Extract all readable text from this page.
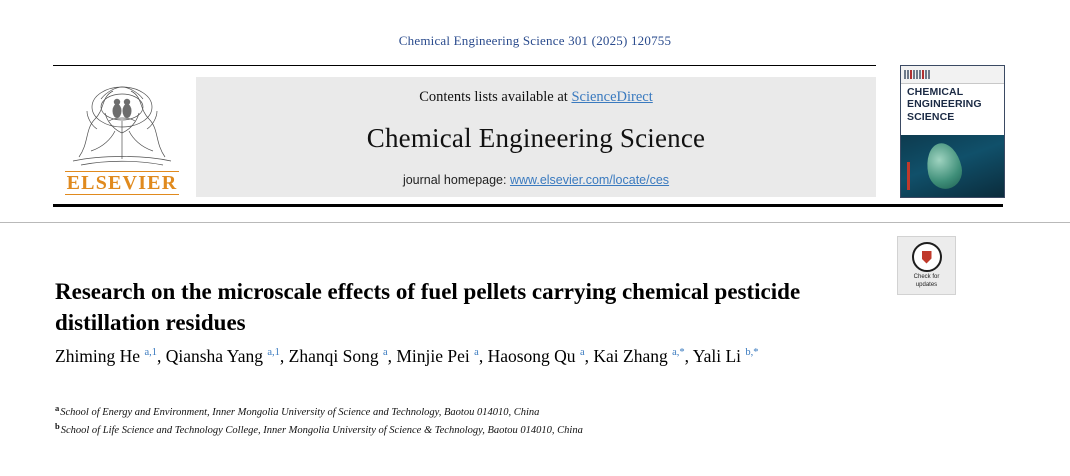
Chemical Engineering Science 301 (2025) 120755
ELSEVIER
Contents lists available at ScienceDirect
Chemical Engineering Science
journal homepage: www.elsevier.com/locate/ces
CHEMICAL ENGINEERING SCIENCE
Check for
updates
Research on the microscale effects of fuel pellets carrying chemical pesticide distillation residues
Zhiming He $^{a,1}$, Qiansha Yang $^{a,1}$, Zhanqi Song $^a$, Minjie Pei $^a$, Haosong Qu $^a$, Kai Zhang $^{a,*}$, Yali Li $^{b,*}$
$^a$School of Energy and Environment, Inner Mongolia University of Science and Technology, Baotou 014010, China
$^b$School of Life Science and Technology College, Inner Mongolia University of Science & Technology, Baotou 014010, China
